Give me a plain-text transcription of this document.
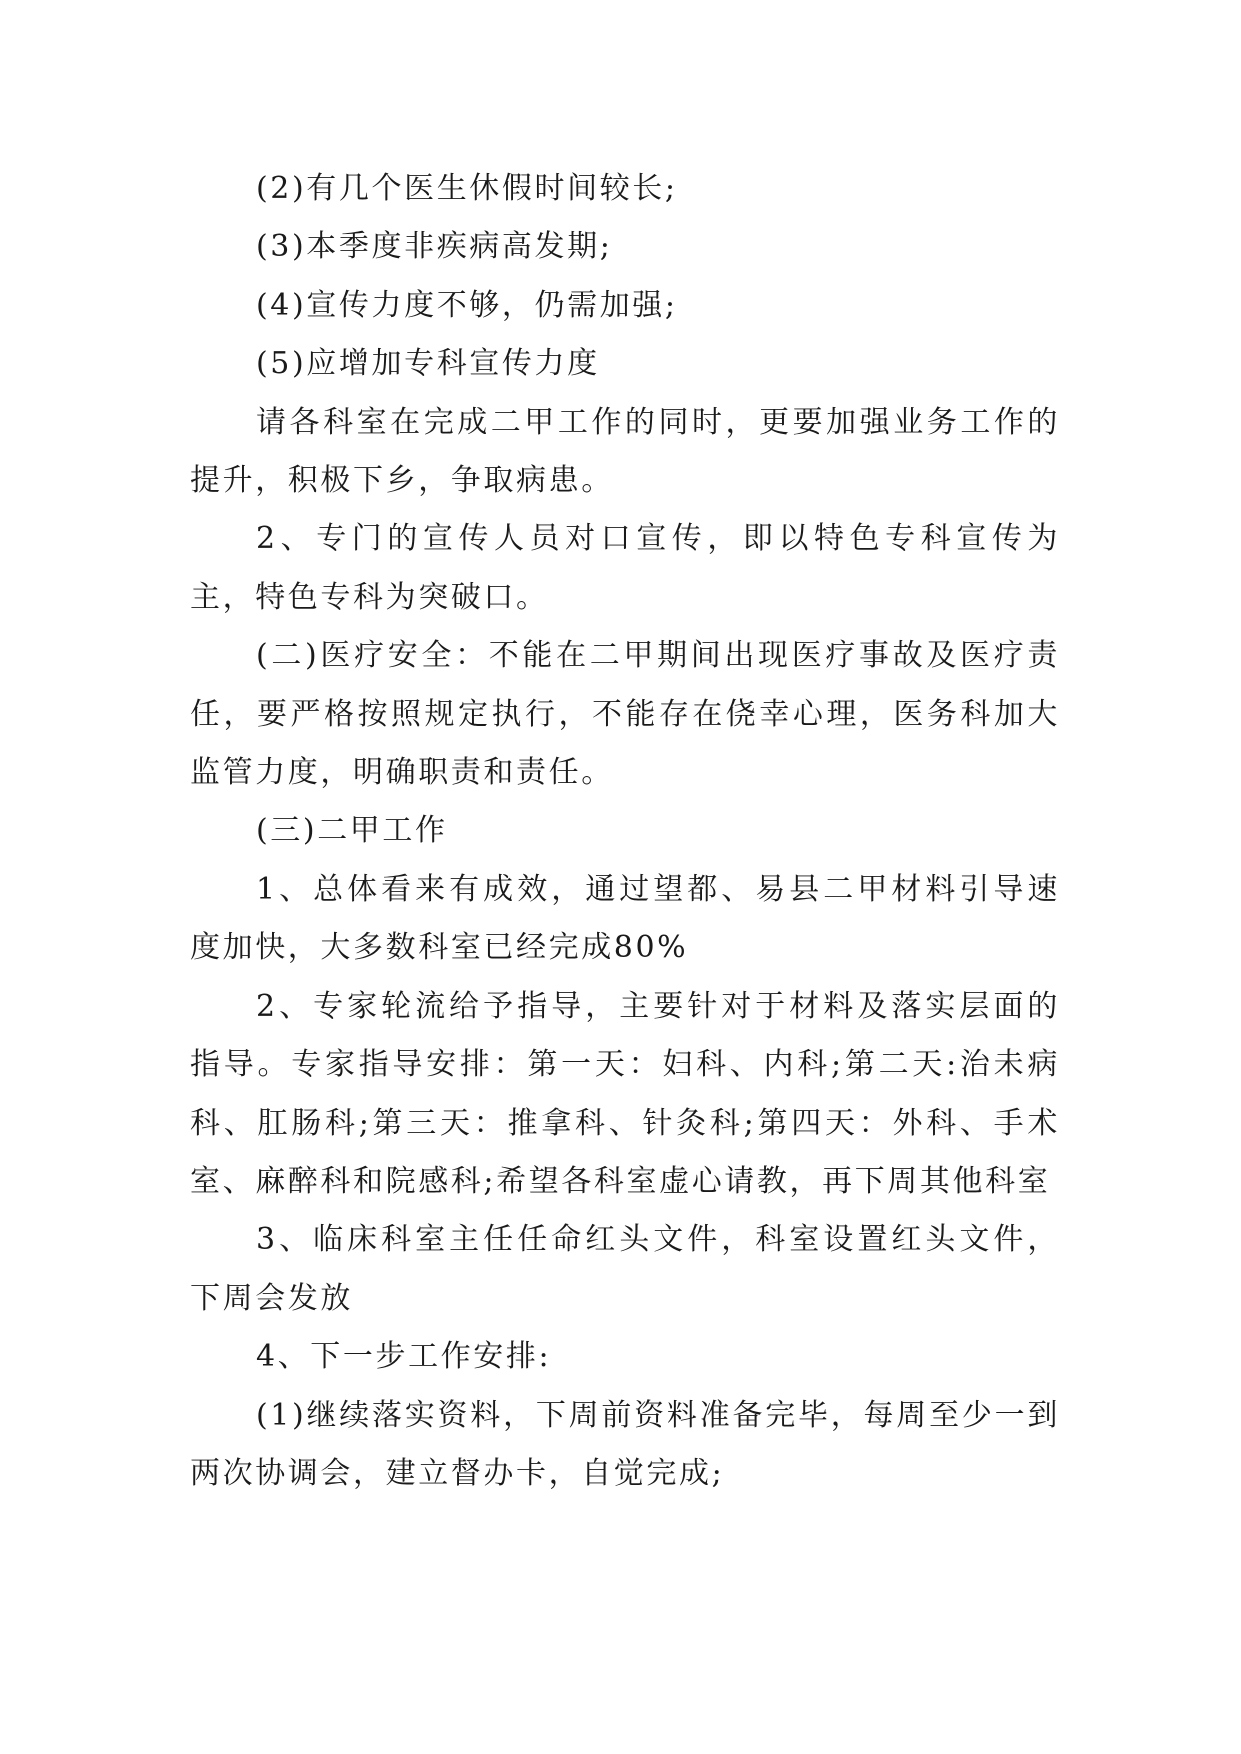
(2)有几个医生休假时间较长;

(3)本季度非疾病高发期;

(4)宣传力度不够，仍需加强;

(5)应增加专科宣传力度

请各科室在完成二甲工作的同时，更要加强业务工作的提升，积极下乡，争取病患。

2、专门的宣传人员对口宣传，即以特色专科宣传为主，特色专科为突破口。

(二)医疗安全：不能在二甲期间出现医疗事故及医疗责任，要严格按照规定执行，不能存在侥幸心理，医务科加大监管力度，明确职责和责任。

(三)二甲工作

1、总体看来有成效，通过望都、易县二甲材料引导速度加快，大多数科室已经完成80%

2、专家轮流给予指导，主要针对于材料及落实层面的指导。专家指导安排：第一天：妇科、内科;第二天:治未病科、肛肠科;第三天：推拿科、针灸科;第四天：外科、手术室、麻醉科和院感科;希望各科室虚心请教，再下周其他科室

3、临床科室主任任命红头文件，科室设置红头文件，下周会发放

4、下一步工作安排:

(1)继续落实资料，下周前资料准备完毕，每周至少一到两次协调会，建立督办卡，自觉完成;
